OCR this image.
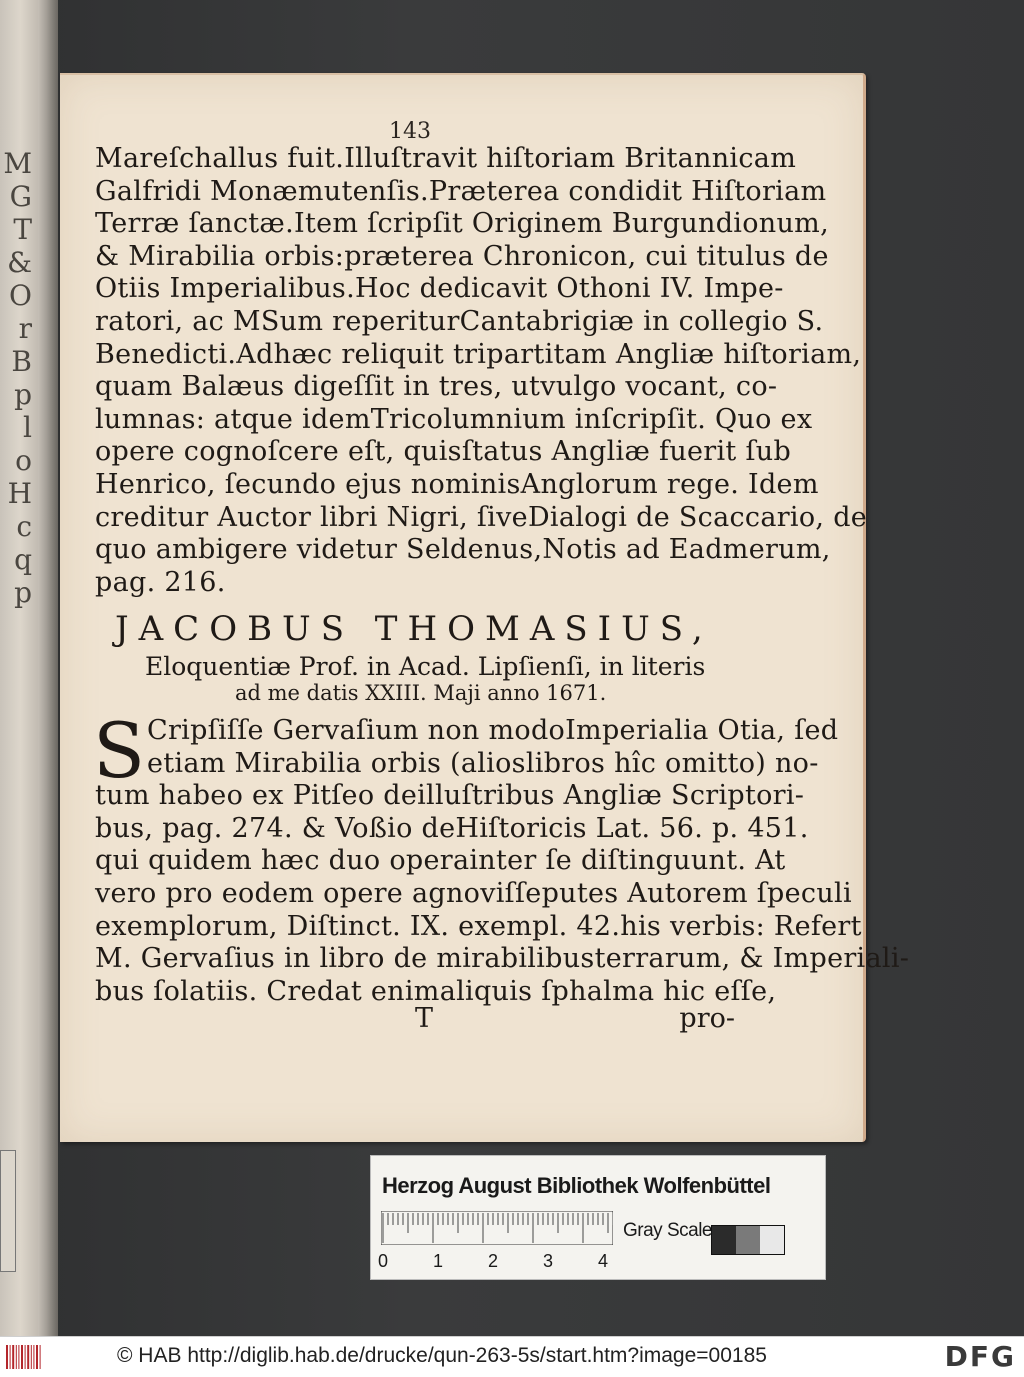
M
G
T
&
O
r
B
p
l
o
H
c
q
p
143
Mareſchallus fuit. Illuſtravit hiſtoriam Britannicam
Galfridi Monæmutenſis. Præterea condidit Hiſtoriam
Terræ ſanctæ. Item ſcripſit Originem Burgundionum,
& Mirabilia orbis: præterea Chronicon, cui titulus de
Otiis Imperialibus. Hoc dedicavit Othoni IV. Impe-
ratori, ac MSum reperitur Cantabrigiæ in collegio S.
Benedicti. Adhæc reliquit tripartitam Angliæ hiſtoriam,
quam Balæus digeſſit in tres, ut vulgo vocant, co-
lumnas: atque idem Tricolumnium inſcripſit. Quo ex
opere cognoſcere eſt, quis ſtatus Angliæ fuerit ſub
Henrico, ſecundo ejus nominis Anglorum rege. Idem
creditur Auctor libri Nigri, ſive Dialogi de Scaccario, de
quo ambigere videtur Seldenus, Notis ad Eadmerum,
pag. 216.
JACOBUS THOMASIUS,
Eloquentiæ Prof. in Acad. Lipſienſi, in literis
ad me datis XXIII. Maji anno 1671.
S Cripſiſſe Gervaſium non modo Imperialia Otia, ſed
etiam Mirabilia orbis (alios libros hîc omitto) no-
tum habeo ex Pitſeo de illuſtribus Angliæ Scriptori-
bus, pag. 274. & Voßio de Hiſtoricis Lat. 56. p. 451.
qui quidem hæc duo opera inter ſe diſtinguunt. At
vero pro eodem opere agnoviſſe putes Autorem ſpeculi
exemplorum, Diſtinct. IX. exempl. 42. his verbis: Refert
M. Gervaſius in libro de mirabilibus terrarum, & Imperiali-
bus ſolatiis. Credat enim aliquis ſphalma hic eſſe,
T	pro-
Herzog August Bibliothek Wolfenbüttel
0 1 2 3 4
Gray Scale
© HAB http://diglib.hab.de/drucke/qun-263-5s/start.htm?image=00185	DFG
